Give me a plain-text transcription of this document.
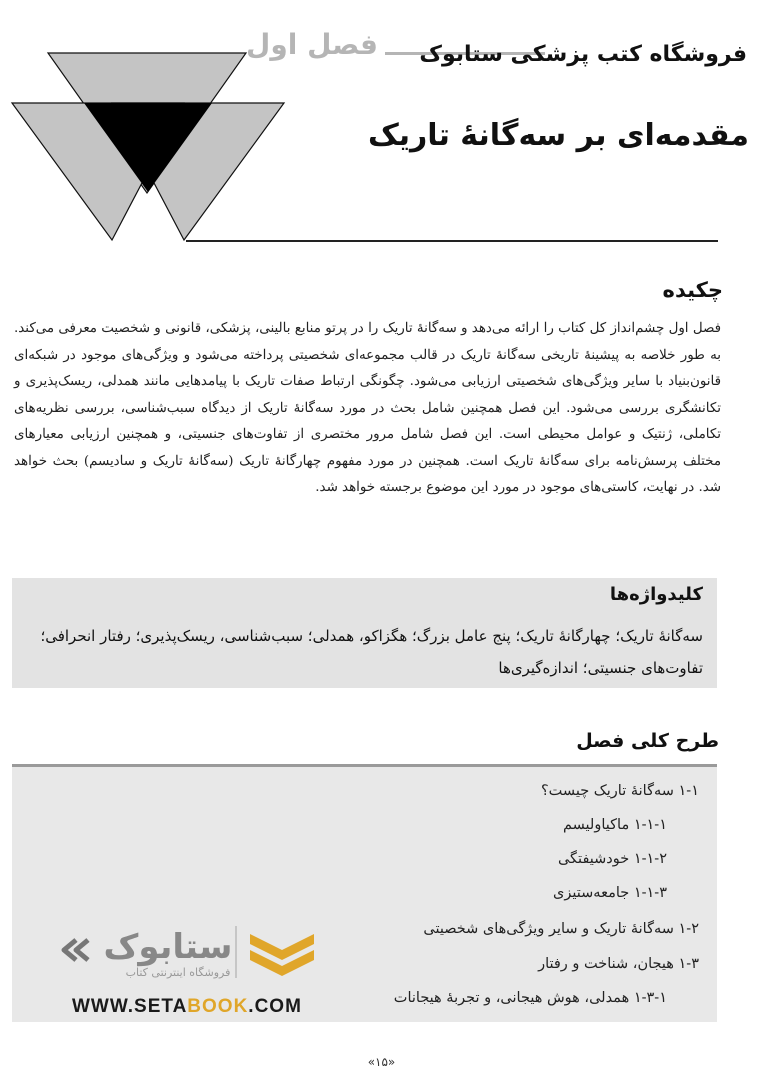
فصل اول فروشگاه کتب پزشکی ستابوک
مقدمه‌ای بر سه‌گانهٔ تاریک
چکیده
فصل اول چشم‌انداز کل کتاب را ارائه می‌دهد و سه‌گانهٔ تاریک را در پرتو منابع بالینی، پزشکی، قانونی و شخصیت معرفی می‌کند. به طور خلاصه به پیشینهٔ تاریخی سه‌گانهٔ تاریک در قالب مجموعه‌ای شخصیتی پرداخته می‌شود و ویژگی‌های موجود در شبکه‌ای قانون‌بنیاد با سایر ویژگی‌های شخصیتی ارزیابی می‌شود. چگونگی ارتباط صفات تاریک با پیامدهایی مانند همدلی، ریسک‌پذیری و تکانشگری بررسی می‌شود. این فصل همچنین شامل بحث در مورد سه‌گانهٔ تاریک از دیدگاه سبب‌شناسی، بررسی نظریه‌های تکاملی، ژنتیک و عوامل محیطی است. این فصل شامل مرور مختصری از تفاوت‌های جنسیتی، و همچنین ارزیابی معیارهای مختلف پرسش‌نامه برای سه‌گانهٔ تاریک است. همچنین در مورد مفهوم چهارگانهٔ تاریک (سه‌گانهٔ تاریک و سادیسم) بحث خواهد شد. در نهایت، کاستی‌های موجود در مورد این موضوع برجسته خواهد شد.
کلیدواژه‌ها
سه‌گانهٔ تاریک؛ چهارگانهٔ تاریک؛ پنج عامل بزرگ؛ هگزاکو، همدلی؛ سبب‌شناسی، ریسک‌پذیری؛ رفتار انحرافی؛ تفاوت‌های جنسیتی؛ اندازه‌گیری‌ها
طرح کلی فصل
۱-۱ سه‌گانهٔ تاریک چیست؟
۱-۱-۱ ماکیاولیسم
۱-۱-۲ خودشیفتگی
۱-۱-۳ جامعه‌ستیزی
۱-۲ سه‌گانهٔ تاریک و سایر ویژگی‌های شخصیتی
۱-۳ هیجان، شناخت و رفتار
۱-۳-۱ همدلی، هوش هیجانی، و تجربهٔ هیجانات
ستابوک
فروشگاه اینترنتی کتاب
WWW.SETABOOK.COM
«۱۵»
